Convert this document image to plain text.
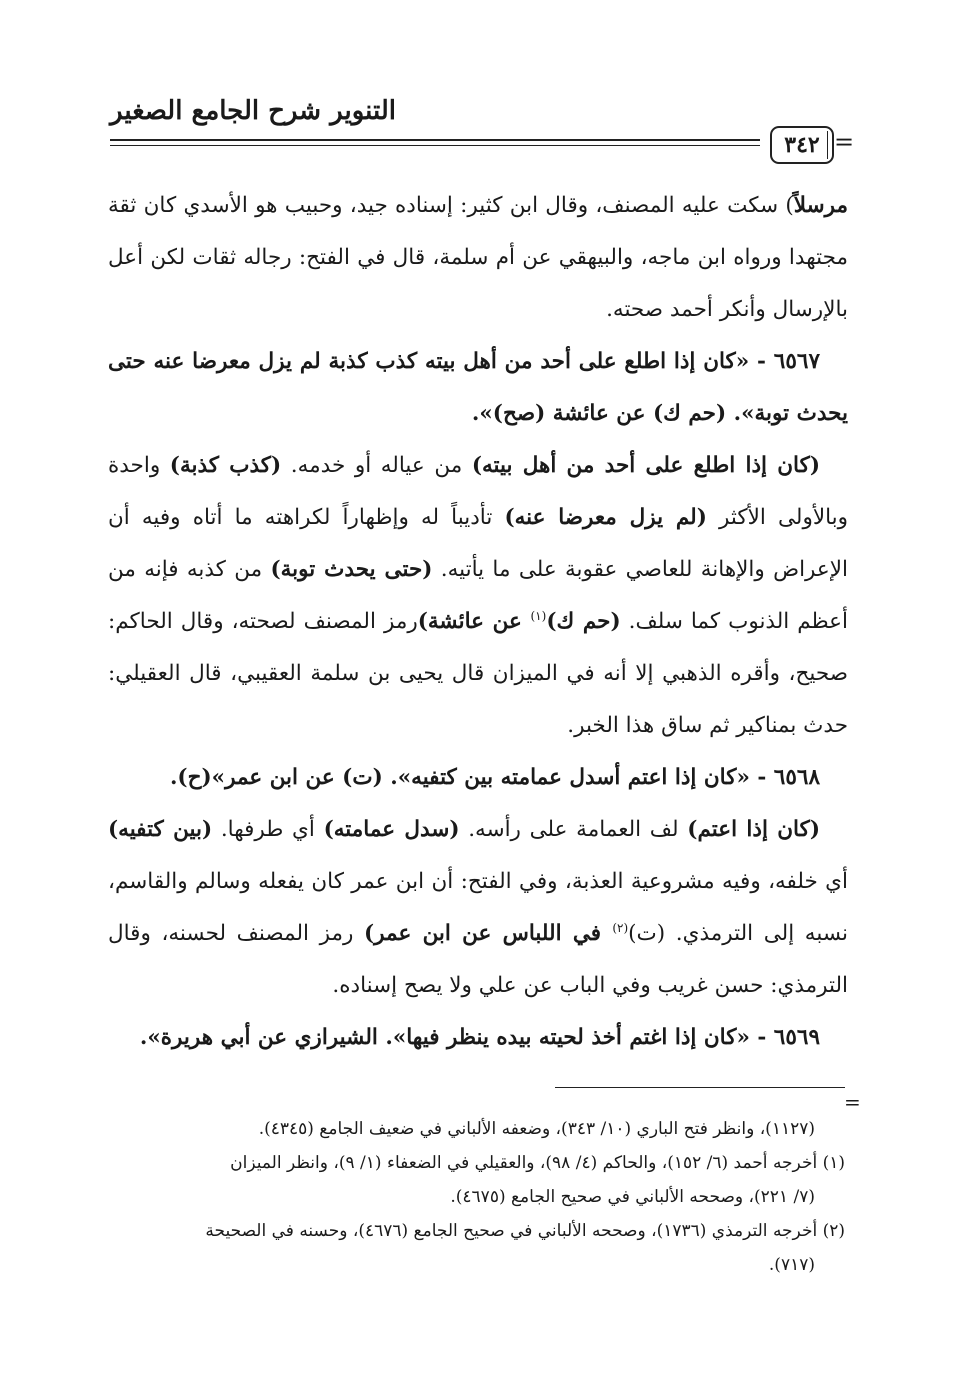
التنوير شرح الجامع الصغير
٣٤٢ =

مرسلاً) سكت عليه المصنف، وقال ابن كثير: إسناده جيد، وحبيب هو الأسدي كان ثقة مجتهدا ورواه ابن ماجه، والبيهقي عن أم سلمة، قال في الفتح: رجاله ثقات لكن أعل بالإرسال وأنكر أحمد صحته.

٦٥٦٧ - «كان إذا اطلع على أحد من أهل بيته كذب كذبة لم يزل معرضا عنه حتى يحدث توبة». (حم ك) عن عائشة (صح)».

(كان إذا اطلع على أحد من أهل بيته) من عياله أو خدمه. (كذب كذبة) واحدة وبالأولى الأكثر (لم يزل معرضا عنه) تأديباً له وإظهاراً لكراهته ما أتاه وفيه أن الإعراض والإهانة للعاصي عقوبة على ما يأتيه. (حتى يحدث توبة) من كذبه فإنه من أعظم الذنوب كما سلف. (حم ك)$^{(١)}$ عن عائشة)رمز المصنف لصحته، وقال الحاكم: صحيح، وأقره الذهبي إلا أنه في الميزان قال يحيى بن سلمة العقيبي، قال العقيلي: حدث بمناكير ثم ساق هذا الخبر.

٦٥٦٨ - «كان إذا اعتم أسدل عمامته بين كتفيه». (ت) عن ابن عمر»(ح).

(كان إذا اعتم) لف العمامة على رأسه. (سدل عمامته) أي طرفها. (بين كتفيه) أي خلفه، وفيه مشروعية العذبة، وفي الفتح: أن ابن عمر كان يفعله وسالم والقاسم، نسبه إلى الترمذي. (ت)$^{(٢)}$ في اللباس عن ابن عمر) رمز المصنف لحسنه، وقال الترمذي: حسن غريب وفي الباب عن علي ولا يصح إسناده.

٦٥٦٩ - «كان إذا اغتم أخذ لحيته بيده ينظر فيها». الشيرازي عن أبي هريرة».

=

(١١٢٧)، وانظر فتح الباري (١٠/ ٣٤٣)، وضعفه الألباني في ضعيف الجامع (٤٣٤٥).

(١) أخرجه أحمد (٦/ ١٥٢)، والحاكم (٤/ ٩٨)، والعقيلي في الضعفاء (١/ ٩)، وانظر الميزان

(٧/ ٢٢١)، وصححه الألباني في صحيح الجامع (٤٦٧٥).

(٢) أخرجه الترمذي (١٧٣٦)، وصححه الألباني في صحيح الجامع (٤٦٧٦)، وحسنه في الصحيحة

(٧١٧).
